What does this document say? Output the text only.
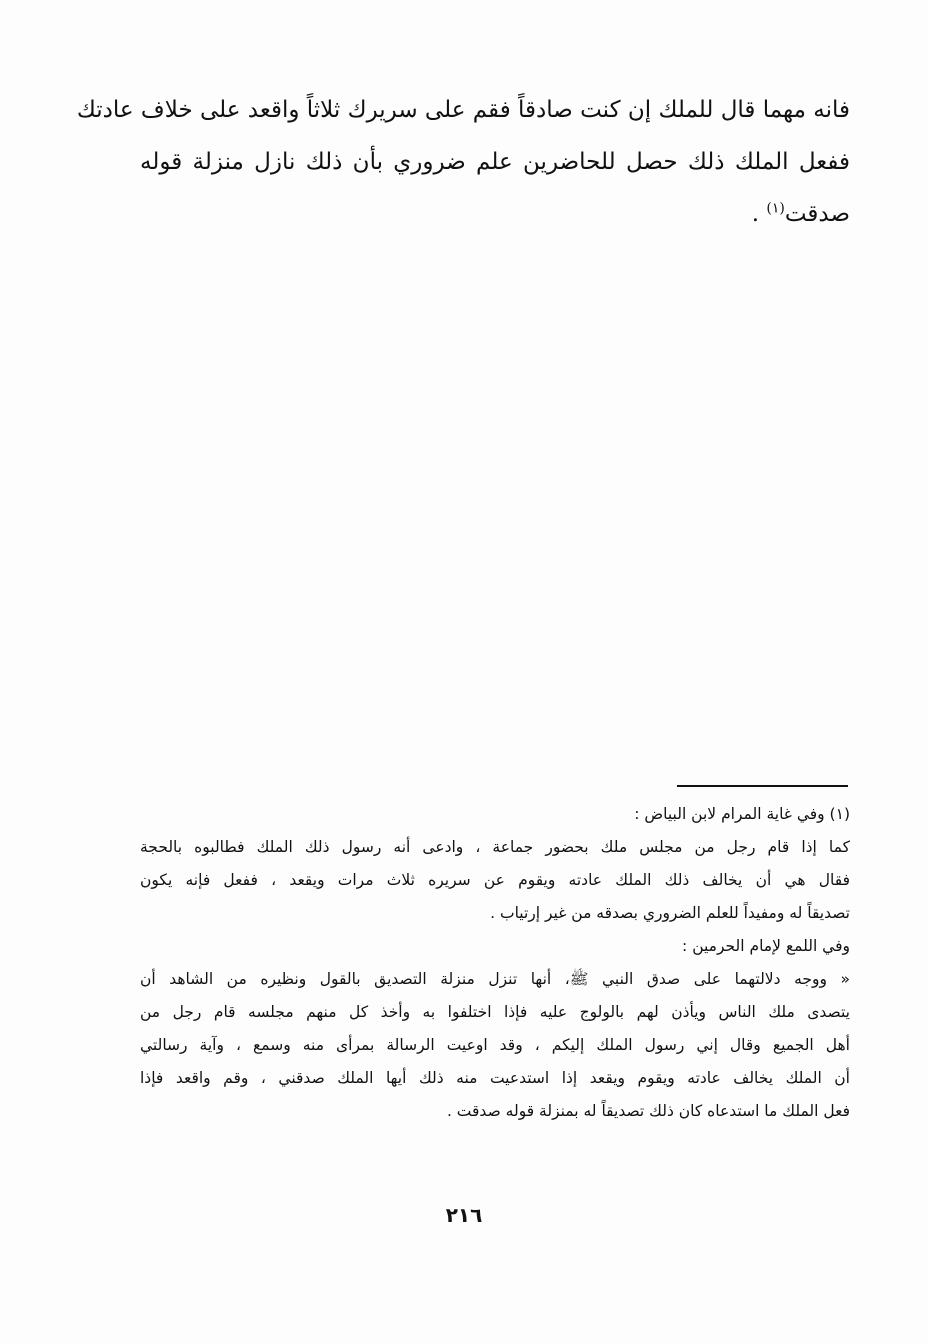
فانه مهما قال للملك إن كنت صادقاً فقم على سريرك ثلاثاً واقعد على خلاف عادتك

ففعل الملك ذلك حصل للحاضرين علم ضروري بأن ذلك نازل منزلة قوله

صدقت$^{(١)}$ .

(١) وفي غاية المرام لابن البياض :

كما إذا قام رجل من مجلس ملك بحضور جماعة ، وادعى أنه رسول ذلك الملك فطالبوه بالحجة

فقال هي أن يخالف ذلك الملك عادته ويقوم عن سريره ثلاث مرات ويقعد ، ففعل فإنه يكون

تصديقاً له ومفيداً للعلم الضروري بصدقه من غير إرتياب .

وفي اللمع لإمام الحرمين :

« ووجه دلالتهما على صدق النبي ﷺ، أنها تنزل منزلة التصديق بالقول ونظيره من الشاهد أن

يتصدى ملك الناس ويأذن لهم بالولوج عليه فإذا اختلفوا به وأخذ كل منهم مجلسه قام رجل من

أهل الجميع وقال إني رسول الملك إليكم ، وقد اوعيت الرسالة بمرأى منه وسمع ، وآية رسالتي

أن الملك يخالف عادته ويقوم ويقعد إذا استدعيت منه ذلك أيها الملك صدقني ، وقم واقعد فإذا

فعل الملك ما استدعاه كان ذلك تصديقاً له بمنزلة قوله صدقت .

٢١٦
